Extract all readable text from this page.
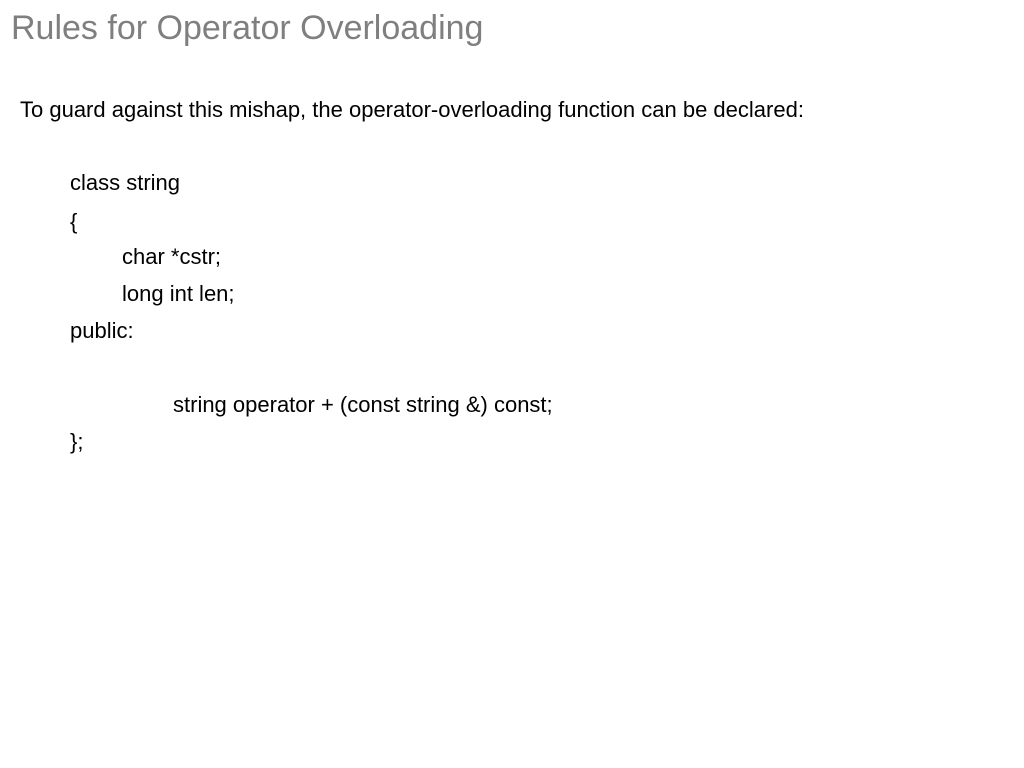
Rules for Operator Overloading
To guard against this mishap, the operator-overloading function can be declared:
class string
{
char *cstr;
long int len;
public:
string operator + (const string &) const;
};
